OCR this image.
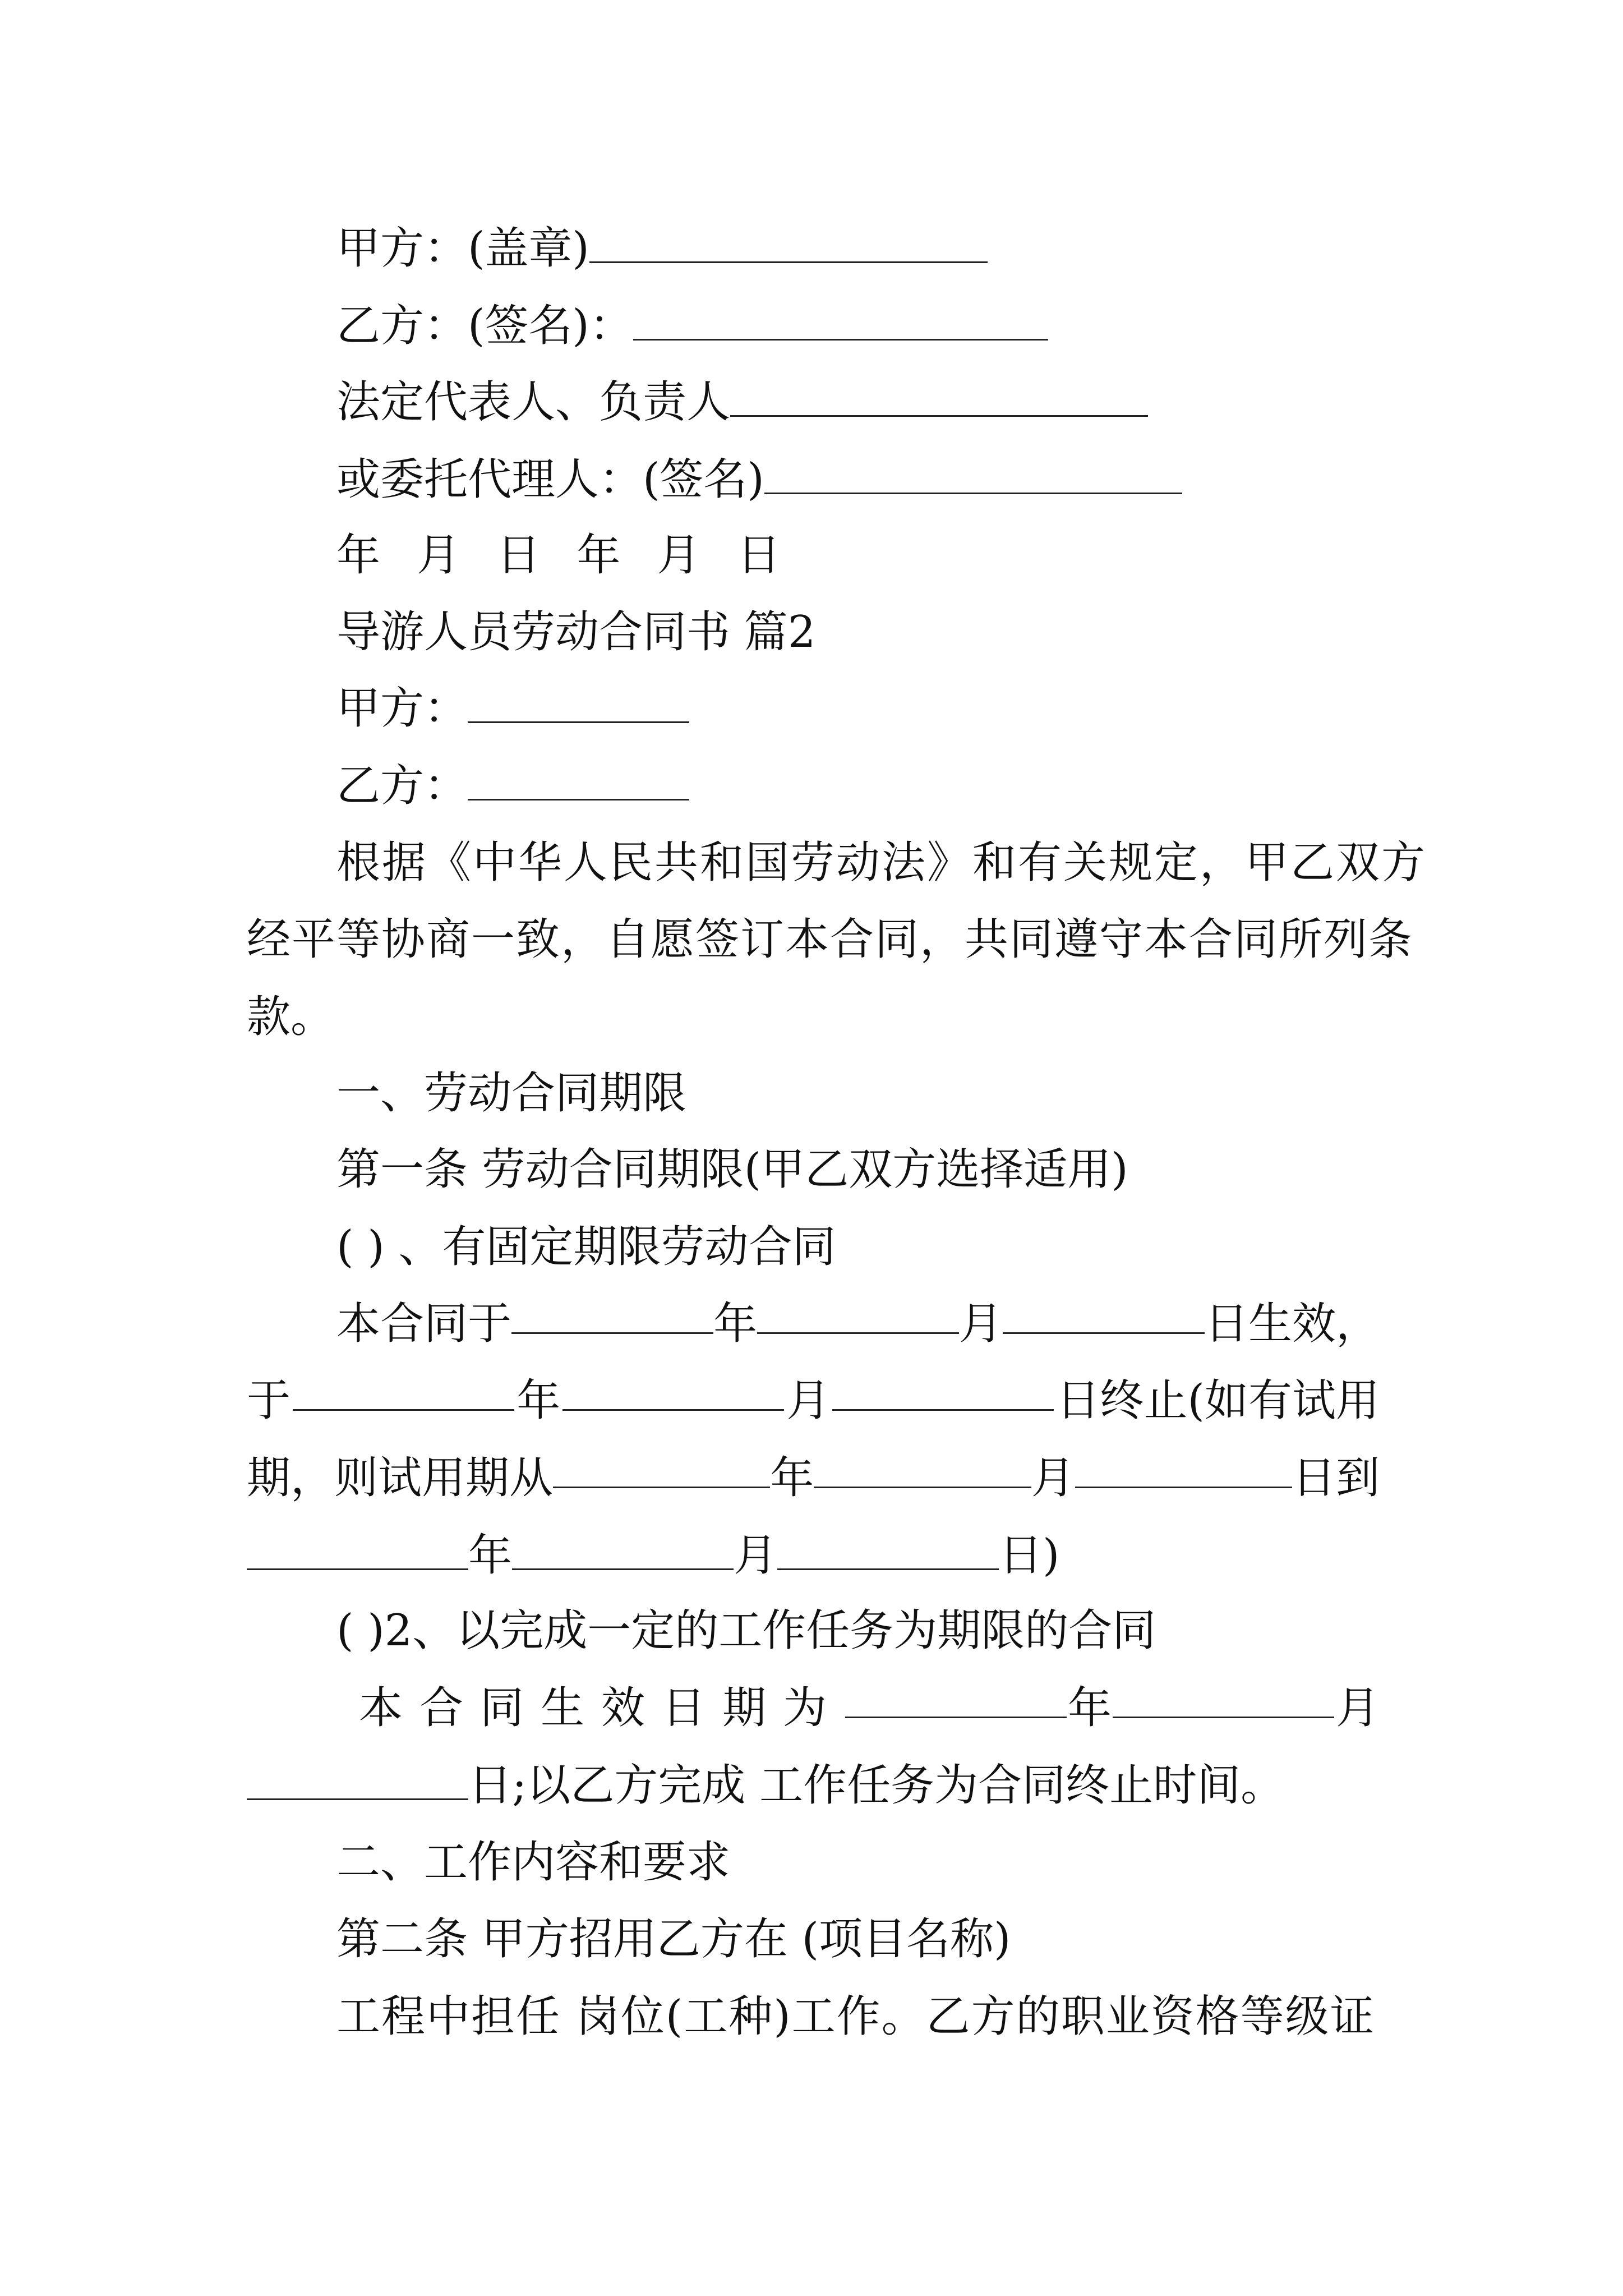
甲方：(盖章)
乙方：(签名)：
法定代表人、负责人
或委托代理人：(签名)
年 月 日 年 月 日
导游人员劳动合同书 篇2
甲方：
乙方：
根据《中华人民共和国劳动法》和有关规定，甲乙双方
经平等协商一致，自愿签订本合同，共同遵守本合同所列条
款。
一、劳动合同期限
第一条 劳动合同期限(甲乙双方选择适用)
( ) 、有固定期限劳动合同
本合同于	年	月	日生效，
于	年	月	日终止(如有试用
期，则试用期从	年	月	日到
年	月	日)
( )2、以完成一定的工作任务为期限的合同
本合同生效日期为	年	月
日;以乙方完成 工作任务为合同终止时间。
二、工作内容和要求
第二条 甲方招用乙方在 (项目名称)
工程中担任 岗位(工种)工作。乙方的职业资格等级证
